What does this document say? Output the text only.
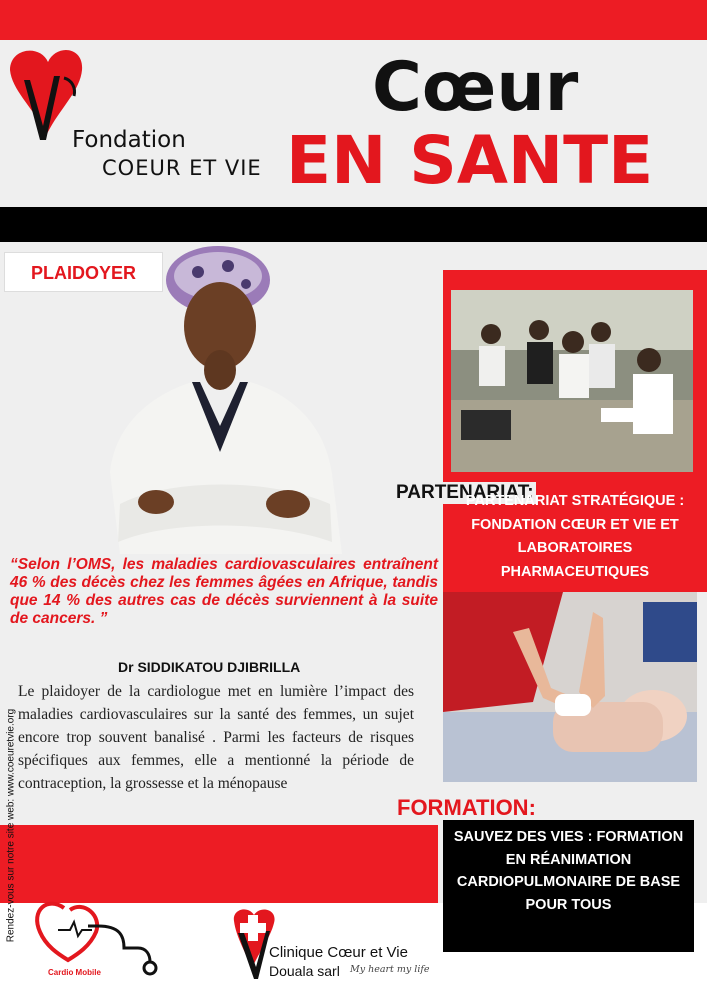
Fondation
COEUR ET VIE
Cœur
EN SANTE
PLAIDOYER
“Selon l’OMS, les maladies cardiovasculaires entraînent 46 % des décès chez les femmes âgées en Afrique, tandis que 14 % des autres cas de décès surviennent à la suite de cancers. ”
Dr SIDDIKATOU DJIBRILLA
Le plaidoyer de la cardiologue met en lumière l’impact des maladies cardiovasculaires sur la santé des femmes, un sujet encore trop souvent banalisé . Parmi les facteurs de risques spécifiques aux femmes, elle a mentionné la période de contraception, la grossesse et la ménopause
Rendez-vous sur notre site web: www.coeuretvie.org
PARTENARIAT:
PARTENARIAT STRATÉGIQUE : FONDATION CŒUR ET VIE ET LABORATOIRES PHARMACEUTIQUES
FORMATION:
SAUVEZ DES VIES : FORMATION EN RÉANIMATION CARDIOPULMONAIRE DE BASE POUR TOUS
Cardio Mobile
Clinique Cœur et Vie
Douala sarl My heart my life
